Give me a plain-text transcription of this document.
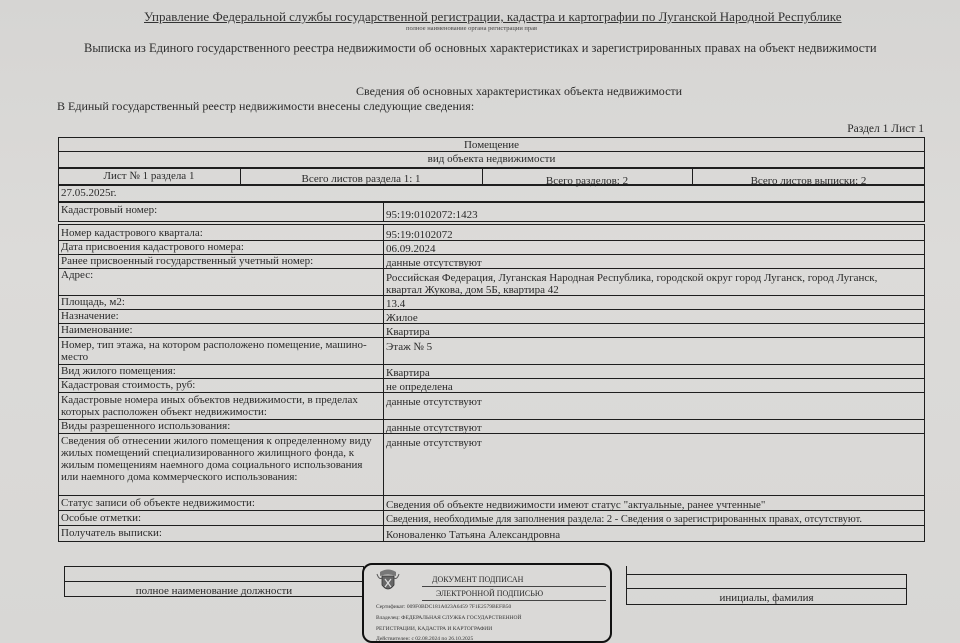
Управление Федеральной службы государственной регистрации, кадастра и картографии по Луганской Народной Республике
полное наименование органа регистрации прав
Выписка из Единого государственного реестра недвижимости об основных характеристиках и зарегистрированных правах на объект недвижимости
Сведения об основных характеристиках объекта недвижимости
В Единый государственный реестр недвижимости внесены следующие сведения:
Раздел 1 Лист 1
Помещение
вид объекта недвижимости
Лист № 1 раздела 1	Всего листов раздела 1: 1	Всего разделов: 2	Всего листов выписки: 2
27.05.2025г.
Кадастровый номер:	95:19:0102072:1423
Номер кадастрового квартала:	95:19:0102072
Дата присвоения кадастрового номера:	06.09.2024
Ранее присвоенный государственный учетный номер:	данные отсутствуют
Адрес:	Российская Федерация, Луганская Народная Республика, городской округ город Луганск, город Луганск, квартал Жукова, дом 5Б, квартира 42
Площадь, м2:	13.4
Назначение:	Жилое
Наименование:	Квартира
Номер, тип этажа, на котором расположено помещение, машино-место
Этаж № 5
Вид жилого помещения:	Квартира
Кадастровая стоимость, руб:	не определена
Кадастровые номера иных объектов недвижимости, в пределах которых расположен объект недвижимости:
данные отсутствуют
Виды разрешенного использования:	данные отсутствуют
Сведения об отнесении жилого помещения к определенному виду жилых помещений специализированного жилищного фонда, к жилым помещениям наемного дома социального использования или наемного дома коммерческого использования:
данные отсутствуют
Статус записи об объекте недвижимости:	Сведения об объекте недвижимости имеют статус "актуальные, ранее учтенные"
Особые отметки:	Сведения, необходимые для заполнения раздела: 2 - Сведения о зарегистрированных правах, отсутствуют.
Получатель выписки:	Коноваленко Татьяна Александровна
полное наименование должности
инициалы, фамилия
ДОКУМЕНТ ПОДПИСАН
ЭЛЕКТРОННОЙ ПОДПИСЬЮ
Сертификат: 009F0BDC181A023A6459 7F1E2579BEFB50
Владелец: ФЕДЕРАЛЬНАЯ СЛУЖБА ГОСУДАРСТВЕННОЙ
РЕГИСТРАЦИИ, КАДАСТРА И КАРТОГРАФИИ
Действителен: с 02.08.2024 по 26.10.2025
